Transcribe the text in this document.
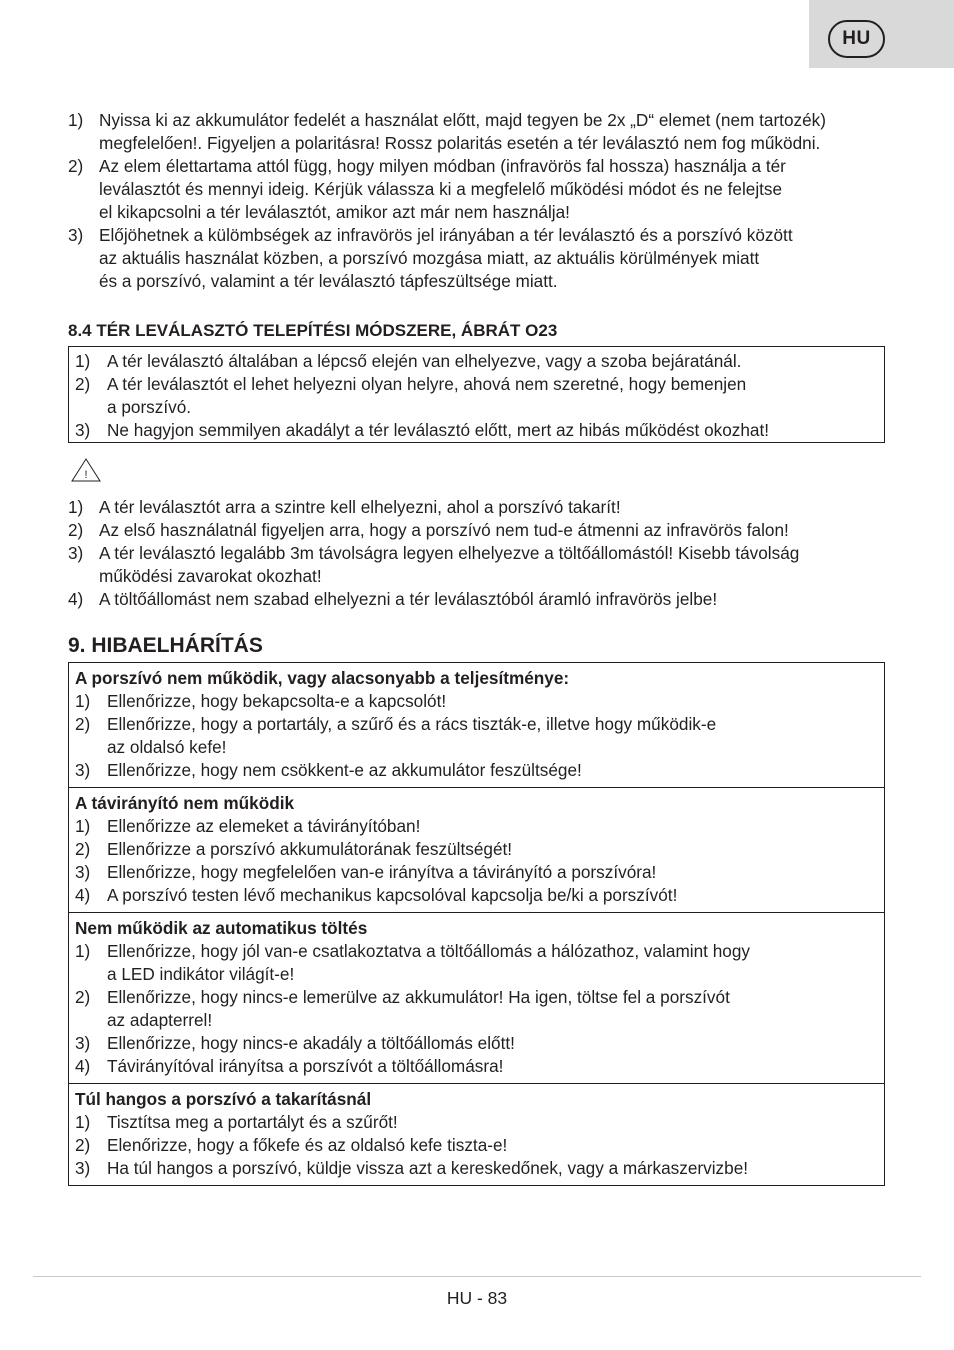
HU
1) Nyissa ki az akkumulátor fedelét a használat előtt, majd tegyen be 2x „D“ elemet (nem tartozék)
megfelelően!. Figyeljen a polaritásra! Rossz polaritás esetén a tér leválasztó nem fog működni.
2) Az elem élettartama attól függ, hogy milyen módban (infravörös fal hossza) használja a tér
leválasztót és mennyi ideig. Kérjük válassza ki a megfelelő működési módot és ne felejtse
el kikapcsolni a tér leválasztót, amikor azt már nem használja!
3) Előjöhetnek a külömbségek az infravörös jel irányában a tér leválasztó és a porszívó között
az aktuális használat közben, a porszívó mozgása miatt, az aktuális körülmények miatt
és a porszívó, valamint a tér leválasztó tápfeszültsége miatt.
8.4 TÉR LEVÁLASZTÓ TELEPÍTÉSI MÓDSZERE, ÁBRÁT O23
1) A tér leválasztó általában a lépcső elején van elhelyezve, vagy a szoba bejáratánál.
2) A tér leválasztót el lehet helyezni olyan helyre, ahová nem szeretné, hogy bemenjen
a porszívó.
3) Ne hagyjon semmilyen akadályt a tér leválasztó előtt, mert az hibás működést okozhat!
!
1) A tér leválasztót arra a szintre kell elhelyezni, ahol a porszívó takarít!
2) Az első használatnál figyeljen arra, hogy a porszívó nem tud-e átmenni az infravörös falon!
3) A tér leválasztó legalább 3m távolságra legyen elhelyezve a töltőállomástól! Kisebb távolság
működési zavarokat okozhat!
4) A töltőállomást nem szabad elhelyezni a tér leválasztóból áramló infravörös jelbe!
9. HIBAELHÁRÍTÁS
A porszívó nem működik, vagy alacsonyabb a teljesítménye:
1) Ellenőrizze, hogy bekapcsolta-e a kapcsolót!
2) Ellenőrizze, hogy a portartály, a szűrő és a rács tiszták-e, illetve hogy működik-e
az oldalsó kefe!
3) Ellenőrizze, hogy nem csökkent-e az akkumulátor feszültsége!
A távirányító nem működik
1) Ellenőrizze az elemeket a távirányítóban!
2) Ellenőrizze a porszívó akkumulátorának feszültségét!
3) Ellenőrizze, hogy megfelelően van-e irányítva a távirányító a porszívóra!
4) A porszívó testen lévő mechanikus kapcsolóval kapcsolja be/ki a porszívót!
Nem működik az automatikus töltés
1) Ellenőrizze, hogy jól van-e csatlakoztatva a töltőállomás a hálózathoz, valamint hogy
a LED indikátor világít-e!
2) Ellenőrizze, hogy nincs-e lemerülve az akkumulátor! Ha igen, töltse fel a porszívót
az adapterrel!
3) Ellenőrizze, hogy nincs-e akadály a töltőállomás előtt!
4) Távirányítóval irányítsa a porszívót a töltőállomásra!
Túl hangos a porszívó a takarításnál
1) Tisztítsa meg a portartályt és a szűrőt!
2) Elenőrizze, hogy a főkefe és az oldalsó kefe tiszta-e!
3) Ha túl hangos a porszívó, küldje vissza azt a kereskedőnek, vagy a márkaszervizbe!
HU - 83
